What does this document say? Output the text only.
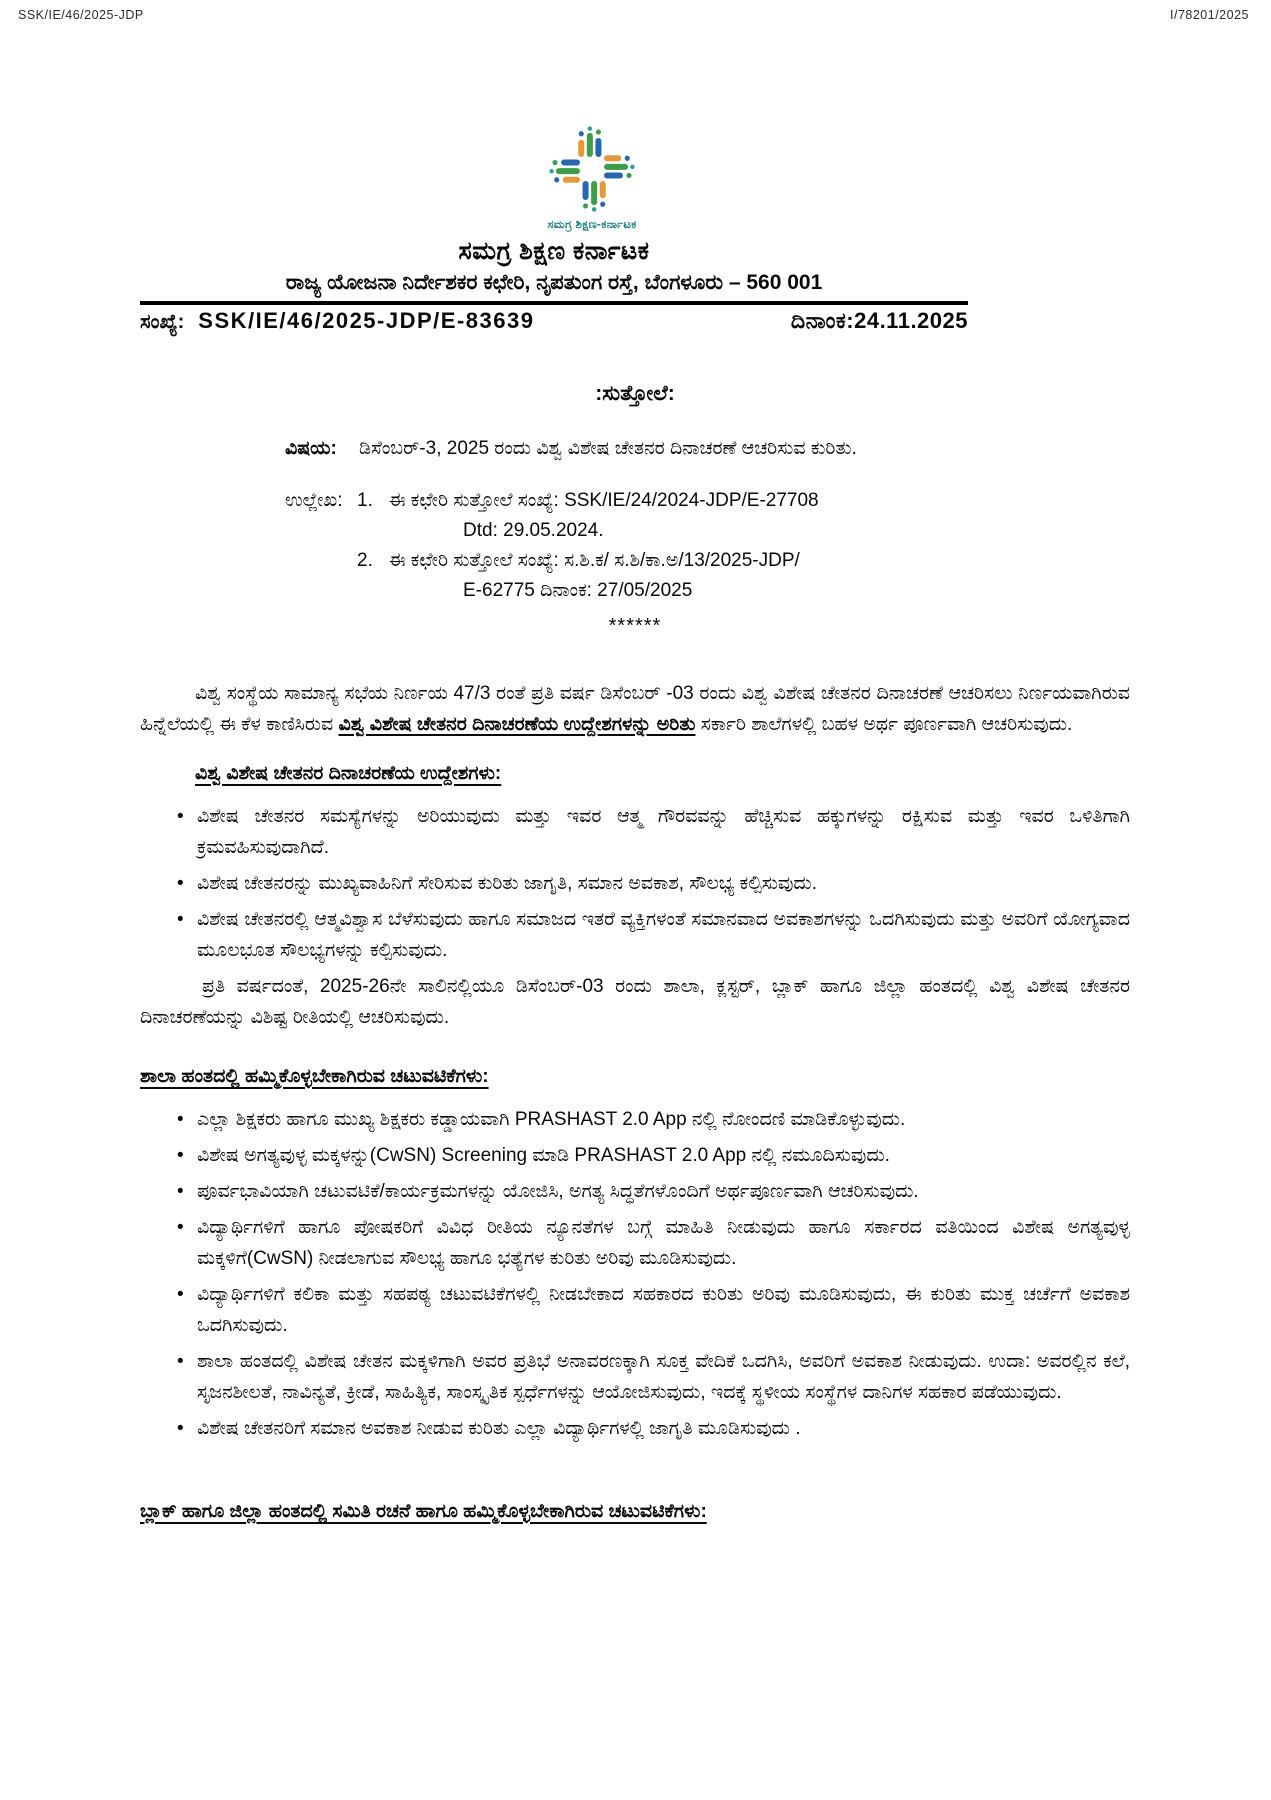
SSK/IE/46/2025-JDP	I/78201/2025
ಸಮಗ್ರ ಶಿಕ್ಷಣ-ಕರ್ನಾಟಕ
ಸಮಗ್ರ ಶಿಕ್ಷಣ ಕರ್ನಾಟಕ
ರಾಜ್ಯ ಯೋಜನಾ ನಿರ್ದೇಶಕರ ಕಛೇರಿ, ನೃಪತುಂಗ ರಸ್ತೆ, ಬೆಂಗಳೂರು – 560 001
ಸಂಖ್ಯೆ: SSK/IE/46/2025-JDP/E-83639	ದಿನಾಂಕ:24.11.2025
:ಸುತ್ತೋಲೆ:
ವಿಷಯ:	ಡಿಸೆಂಬರ್-3, 2025 ರಂದು ವಿಶ್ವ ವಿಶೇಷ ಚೇತನರ ದಿನಾಚರಣೆ ಆಚರಿಸುವ ಕುರಿತು.
ಉಲ್ಲೇಖ: 1. ಈ ಕಛೇರಿ ಸುತ್ತೋಲೆ ಸಂಖ್ಯೆ: SSK/IE/24/2024-JDP/E-27708
Dtd: 29.05.2024.
2. ಈ ಕಛೇರಿ ಸುತ್ತೋಲೆ ಸಂಖ್ಯೆ: ಸ.ಶಿ.ಕ/ ಸ.ಶಿ/ಕಾ.ಅ/13/2025-JDP/
E-62775 ದಿನಾಂಕ: 27/05/2025
******

ವಿಶ್ವ ಸಂಸ್ಥೆಯ ಸಾಮಾನ್ಯ ಸಭೆಯ ನಿರ್ಣಯ 47/3 ರಂತೆ ಪ್ರತಿ ವರ್ಷ ಡಿಸೆಂಬರ್ -03 ರಂದು ವಿಶ್ವ ವಿಶೇಷ ಚೇತನರ ದಿನಾಚರಣೆ ಆಚರಿಸಲು ನಿರ್ಣಯವಾಗಿರುವ ಹಿನ್ನೆಲೆಯಲ್ಲಿ ಈ ಕೆಳ ಕಾಣಿಸಿರುವ ವಿಶ್ವ ವಿಶೇಷ ಚೇತನರ ದಿನಾಚರಣೆಯ ಉದ್ದೇಶಗಳನ್ನು ಅರಿತು ಸರ್ಕಾರಿ ಶಾಲೆಗಳಲ್ಲಿ ಬಹಳ ಅರ್ಥ ಪೂರ್ಣವಾಗಿ ಆಚರಿಸುವುದು.

ವಿಶ್ವ ವಿಶೇಷ ಚೇತನರ ದಿನಾಚರಣೆಯ ಉದ್ದೇಶಗಳು:
• ವಿಶೇಷ ಚೇತನರ ಸಮಸ್ಯೆಗಳನ್ನು ಅರಿಯುವುದು ಮತ್ತು ಇವರ ಆತ್ಮ ಗೌರವವನ್ನು ಹೆಚ್ಚಿಸುವ ಹಕ್ಕುಗಳನ್ನು ರಕ್ಷಿಸುವ ಮತ್ತು ಇವರ ಒಳಿತಿಗಾಗಿ ಕ್ರಮವಹಿಸುವುದಾಗಿದೆ.
• ವಿಶೇಷ ಚೇತನರನ್ನು ಮುಖ್ಯವಾಹಿನಿಗೆ ಸೇರಿಸುವ ಕುರಿತು ಜಾಗೃತಿ, ಸಮಾನ ಅವಕಾಶ, ಸೌಲಭ್ಯ ಕಲ್ಪಿಸುವುದು.
• ವಿಶೇಷ ಚೇತನರಲ್ಲಿ ಆತ್ಮವಿಶ್ವಾಸ ಬೆಳೆಸುವುದು ಹಾಗೂ ಸಮಾಜದ ಇತರೆ ವ್ಯಕ್ತಿಗಳಂತೆ ಸಮಾನವಾದ ಅವಕಾಶಗಳನ್ನು ಒದಗಿಸುವುದು ಮತ್ತು ಅವರಿಗೆ ಯೋಗ್ಯವಾದ ಮೂಲಭೂತ ಸೌಲಭ್ಯಗಳನ್ನು ಕಲ್ಪಿಸುವುದು.

ಪ್ರತಿ ವರ್ಷದಂತೆ, 2025-26ನೇ ಸಾಲಿನಲ್ಲಿಯೂ ಡಿಸೆಂಬರ್-03 ರಂದು ಶಾಲಾ, ಕ್ಲಸ್ಟರ್, ಬ್ಲಾಕ್ ಹಾಗೂ ಜಿಲ್ಲಾ ಹಂತದಲ್ಲಿ ವಿಶ್ವ ವಿಶೇಷ ಚೇತನರ ದಿನಾಚರಣೆಯನ್ನು ವಿಶಿಷ್ಟ ರೀತಿಯಲ್ಲಿ ಆಚರಿಸುವುದು.

ಶಾಲಾ ಹಂತದಲ್ಲಿ ಹಮ್ಮಿಕೊಳ್ಳಬೇಕಾಗಿರುವ ಚಟುವಟಿಕೆಗಳು:
• ಎಲ್ಲಾ ಶಿಕ್ಷಕರು ಹಾಗೂ ಮುಖ್ಯ ಶಿಕ್ಷಕರು ಕಡ್ಡಾಯವಾಗಿ PRASHAST 2.0 App ನಲ್ಲಿ ನೋಂದಣಿ ಮಾಡಿಕೊಳ್ಳುವುದು.
• ವಿಶೇಷ ಅಗತ್ಯವುಳ್ಳ ಮಕ್ಕಳನ್ನು(CwSN) Screening ಮಾಡಿ PRASHAST 2.0 App ನಲ್ಲಿ ನಮೂದಿಸುವುದು.
• ಪೂರ್ವಭಾವಿಯಾಗಿ ಚಟುವಟಿಕೆ/ಕಾರ್ಯಕ್ರಮಗಳನ್ನು ಯೋಜಿಸಿ, ಅಗತ್ಯ ಸಿದ್ಧತೆಗಳೊಂದಿಗೆ ಅರ್ಥಪೂರ್ಣವಾಗಿ ಆಚರಿಸುವುದು.
• ವಿದ್ಯಾರ್ಥಿಗಳಿಗೆ ಹಾಗೂ ಪೋಷಕರಿಗೆ ವಿವಿಧ ರೀತಿಯ ನ್ಯೂನತೆಗಳ ಬಗ್ಗೆ ಮಾಹಿತಿ ನೀಡುವುದು ಹಾಗೂ ಸರ್ಕಾರದ ವತಿಯಿಂದ ವಿಶೇಷ ಅಗತ್ಯವುಳ್ಳ ಮಕ್ಕಳಿಗೆ(CwSN) ನೀಡಲಾಗುವ ಸೌಲಭ್ಯ ಹಾಗೂ ಭತ್ಯೆಗಳ ಕುರಿತು ಅರಿವು ಮೂಡಿಸುವುದು.
• ವಿದ್ಯಾರ್ಥಿಗಳಿಗೆ ಕಲಿಕಾ ಮತ್ತು ಸಹಪಠ್ಯ ಚಟುವಟಿಕೆಗಳಲ್ಲಿ ನೀಡಬೇಕಾದ ಸಹಕಾರದ ಕುರಿತು ಅರಿವು ಮೂಡಿಸುವುದು, ಈ ಕುರಿತು ಮುಕ್ತ ಚರ್ಚೆಗೆ ಅವಕಾಶ ಒದಗಿಸುವುದು.
• ಶಾಲಾ ಹಂತದಲ್ಲಿ ವಿಶೇಷ ಚೇತನ ಮಕ್ಕಳಿಗಾಗಿ ಅವರ ಪ್ರತಿಭೆ ಅನಾವರಣಕ್ಕಾಗಿ ಸೂಕ್ತ ವೇದಿಕೆ ಒದಗಿಸಿ, ಅವರಿಗೆ ಅವಕಾಶ ನೀಡುವುದು. ಉದಾ: ಅವರಲ್ಲಿನ ಕಲೆ, ಸೃಜನಶೀಲತೆ, ನಾವಿನ್ಯತೆ, ಕ್ರೀಡೆ, ಸಾಹಿತ್ಯಿಕ, ಸಾಂಸ್ಕೃತಿಕ ಸ್ಪರ್ಧೆಗಳನ್ನು ಆಯೋಜಿಸುವುದು, ಇದಕ್ಕೆ ಸ್ಥಳೀಯ ಸಂಸ್ಥೆಗಳ ದಾನಿಗಳ ಸಹಕಾರ ಪಡೆಯುವುದು.
• ವಿಶೇಷ ಚೇತನರಿಗೆ ಸಮಾನ ಅವಕಾಶ ನೀಡುವ ಕುರಿತು ಎಲ್ಲಾ ವಿದ್ಯಾರ್ಥಿಗಳಲ್ಲಿ ಜಾಗೃತಿ ಮೂಡಿಸುವುದು .
ಬ್ಲಾಕ್ ಹಾಗೂ ಜಿಲ್ಲಾ ಹಂತದಲ್ಲಿ ಸಮಿತಿ ರಚನೆ ಹಾಗೂ ಹಮ್ಮಿಕೊಳ್ಳಬೇಕಾಗಿರುವ ಚಟುವಟಿಕೆಗಳು:
